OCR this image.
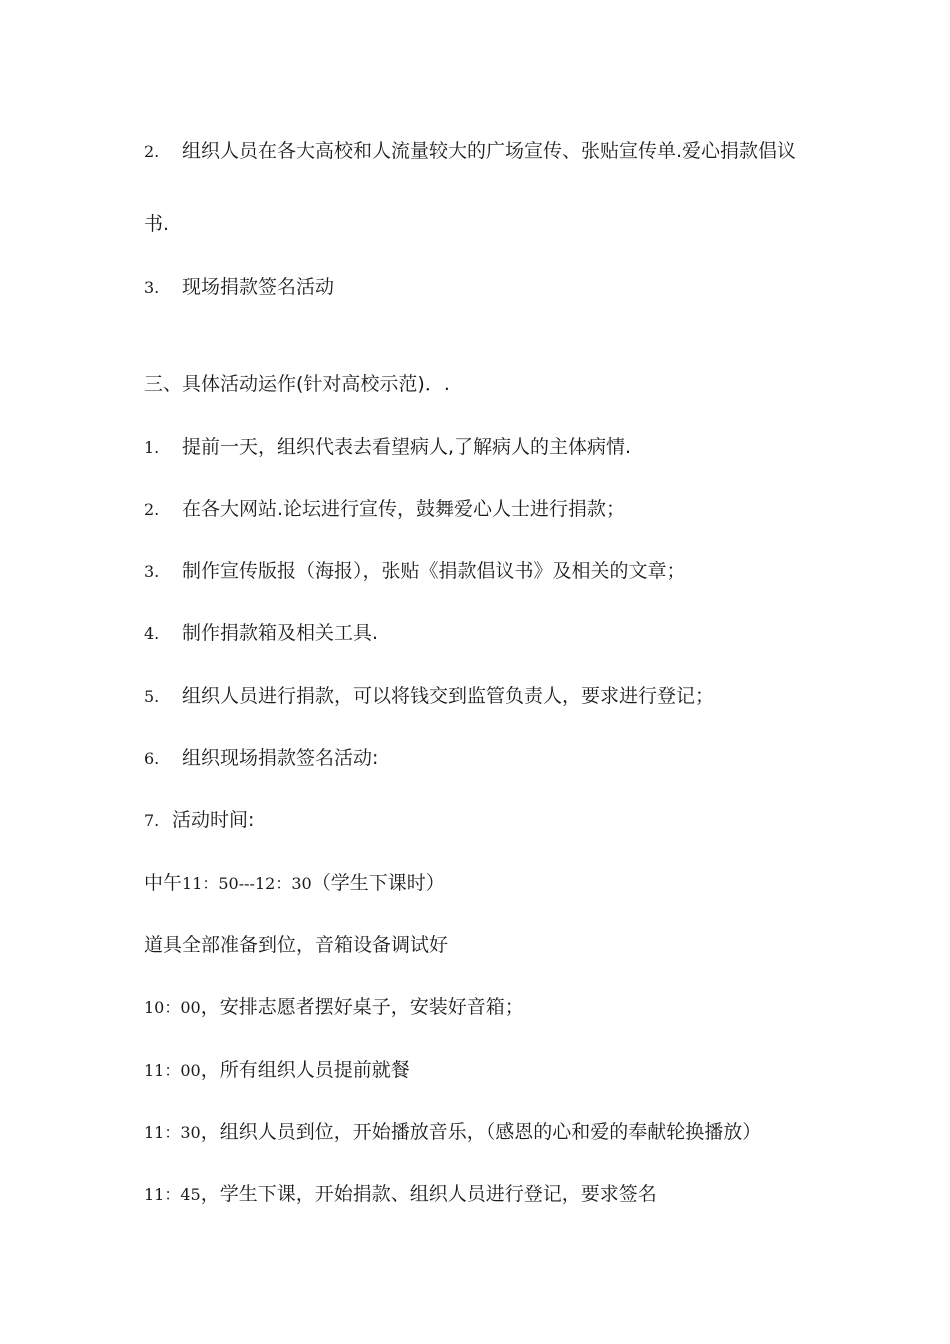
2. 组织人员在各大高校和人流量较大的广场宣传、张贴宣传单.爱心捐款倡议

书.

3. 现场捐款签名活动

三、具体活动运作(针对高校示范)．.

1. 提前一天，组织代表去看望病人,了解病人的主体病情.

2. 在各大网站.论坛进行宣传，鼓舞爱心人士进行捐款；

3. 制作宣传版报（海报），张贴《捐款倡议书》及相关的文章；

4. 制作捐款箱及相关工具.

5. 组织人员进行捐款，可以将钱交到监管负责人，要求进行登记；

6. 组织现场捐款签名活动:

7. 活动时间:

中午11：50---12：30（学生下课时）

道具全部准备到位，音箱设备调试好

10：00，安排志愿者摆好桌子，安装好音箱；

11：00，所有组织人员提前就餐

11：30，组织人员到位，开始播放音乐，（感恩的心和爱的奉献轮换播放）

11：45，学生下课，开始捐款、组织人员进行登记，要求签名
